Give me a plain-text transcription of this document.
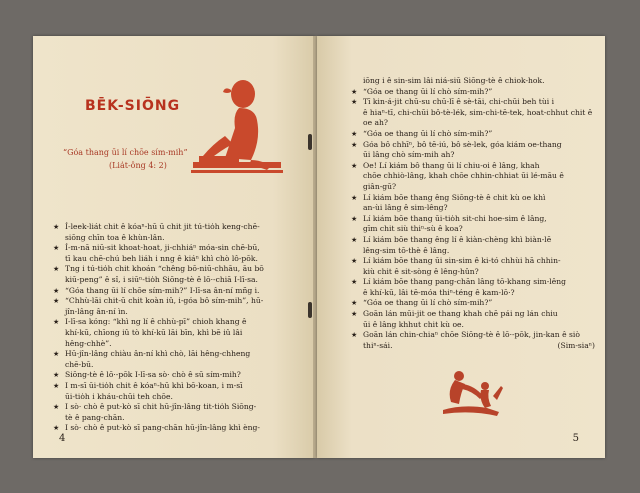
BĒK-SIŌNG
“Góa thang ūi lí chōe sím-mih”
(Lia̍t-ông 4: 2)

★ Í-leek-liát chit ê kóaⁿ-hū ū chit jit tú-tio̍h keng-chē-

siōng chīn toa ê khùn-lân.

★ Í-m-nā niū-sit khoat-hoat, ji-chhiáⁿ móa-sin chē-bū,

tī kau chē-chú beh liáh i nng ê kiáⁿ khì chò lô-pōk.

★ Tng i tú-tio̍h chit khoán “chêng bō-niū-chhāu, āu bō

kiū-peng” ê sî, i siūⁿ-tio̍h Siōng-tè ê lō·-chiā I-lī-sa.

★ “Góa thang ūi lí chōe sím-mih?” I-lī-sa ân-ní mñg i.

★ “Chhù-lāi chit-ū chit koàn iû, i-góa bô sím-mih”, hū-

jîn-lâng ân-ní ìn.

★ I-lī-sa kóng: “khì ng lí ê chhù-pī” chioh khang ê

khí-kū, chīong iû tò khí-kū lāi bīn, khì bē iû lâi

hêng-chhè”.

★ Hū-jîn-lâng chiàu ân-ní khì chò, lāi hêng-chheng

chē-bū.

★ Siōng-tè ê lō·-pōk I-lī-sa sò· chò ê sū sím-mih?

★ I m-sī ūi-tio̍h chit ê kóaⁿ-hū khì bō-koan, i m-sī

ūi-tio̍h i kháu-chūi teh chōe.

★ I sò· chò ê put-kò sī chit hū-jîn-lâng tit-tio̍h Siōng-

tè ê pang-chān.

★ I sò· chò ê put-kò sī pang-chān hū-jîn-lâng khì èng-

4

iōng i ê sin-sim lâi niá-siū Siōng-tè ê chiok-hok.

★ “Góa oe thang ūi lí chò sím-mih?”

★ Tī kin-á-jit chū-su chū-lī ê sè-tāi, chi-chūi beh tùi i

ê hiaⁿ-tī, chi-chūi bô-tè-lék, sim-chi-tē-tek, hoat-chhut chit ê

oe ah?

★ “Góa oe thang ūi lí chò sím-mih?”

★ Góa bô chhīⁿ, bô tē-iú, bô sè-lek, góa kiám oe-thang

ūi lâng chò sím-mih ah?

★ Oe! Lí kiám bô thang ūi lí chiu-oi ê lâng, khah

chōe chhiò-lâng, khah chōe chhin-chhiat ūi lé-māu ê

giân-gū?

★ Lí kiám bōe thang êng Siōng-tè ê chit kù oe khì

an-ùi lâng ê sim-lêng?

★ Lí kiám bōe thang ūi-tio̍h sit-chi hoe-sim ê lâng,

gīm chit siù thiⁿ-sù ê koa?

★ Lí kiám bōe thang êng lí ê kiàn-chèng khì biàn-lē

lêng-sim tō-thè ê lâng.

★ Lí kiám bōe thang ūi sin-sim ê ki-tó chhùi hā chhin-

kiù chit ê sit-sòng ê lêng-hûn?

★ Lí kiám bōe thang pang-chān lâng tō-khang sim-lêng

ê khí-kū, lâi tē-móa thiⁿ-téng ê kam-lō·?

★ “Góa oe thang ūi lí chò sím-mih?”

★ Goān lán mūi-jit oe thang khah chē pái ng lán chiu

ūi ê lâng khhut chit kù oe.

★ Goān lán chin-chiaⁿ chōe Siōng-tè ê lō·-pōk, jin-kan ê siò

thiⁿ-sái.	(Sim-siaⁿ)

5
